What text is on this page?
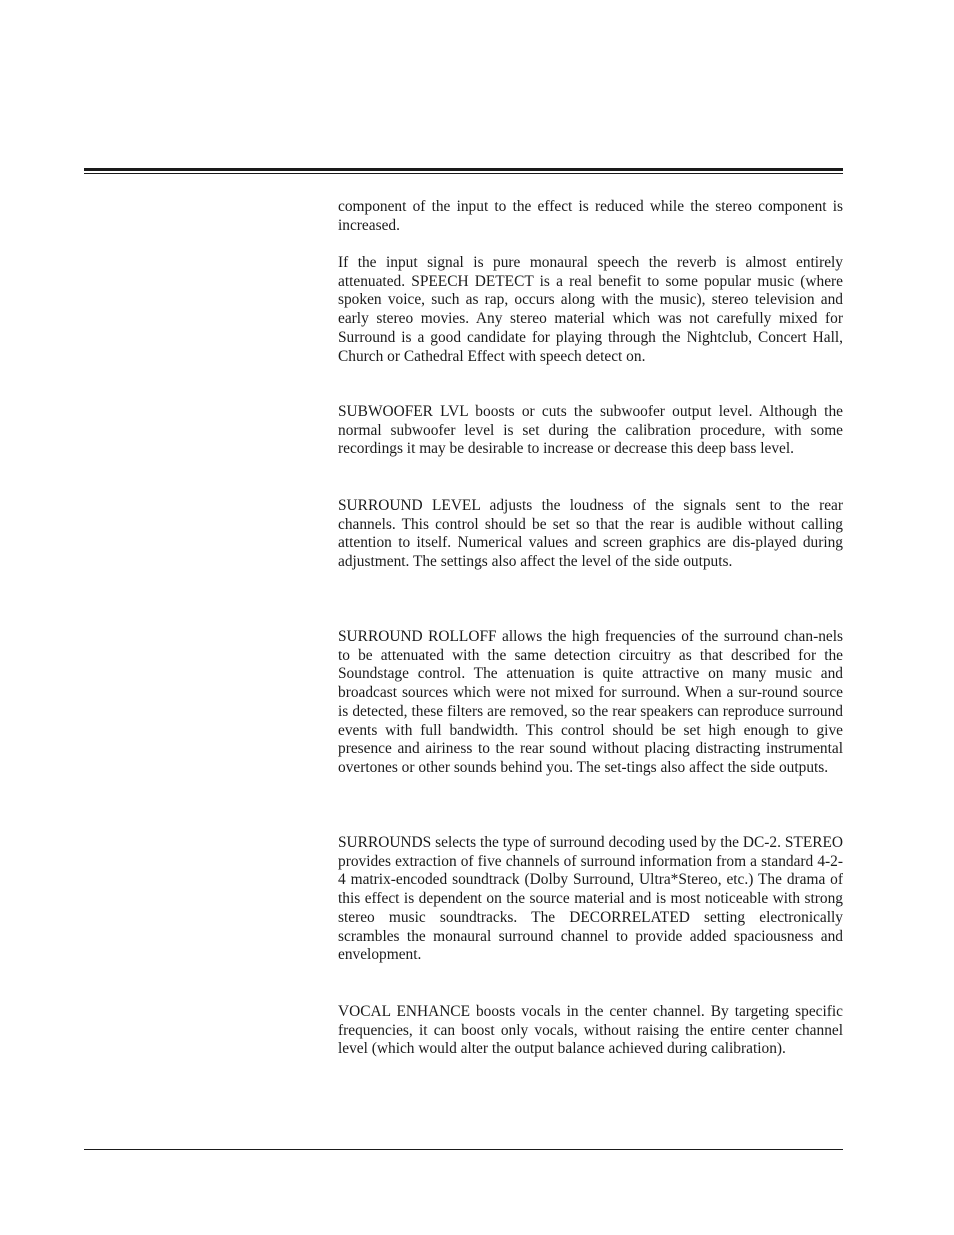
component of the input to the effect is reduced while the stereo component is increased.

If the input signal is pure monaural speech the reverb is almost entirely attenuated. SPEECH DETECT is a real benefit to some popular music (where spoken voice, such as rap, occurs along with the music), stereo television and early stereo movies. Any stereo material which was not carefully mixed for Surround is a good candidate for playing through the Nightclub, Concert Hall, Church or Cathedral Effect with speech detect on.

SUBWOOFER LVL boosts or cuts the subwoofer output level. Although the normal subwoofer level is set during the calibration procedure, with some recordings it may be desirable to increase or decrease this deep bass level.

SURROUND LEVEL adjusts the loudness of the signals sent to the rear channels. This control should be set so that the rear is audible without calling attention to itself. Numerical values and screen graphics are dis-played during adjustment. The settings also affect the level of the side outputs.

SURROUND ROLLOFF allows the high frequencies of the surround chan-nels to be attenuated with the same detection circuitry as that described for the Soundstage control. The attenuation is quite attractive on many music and broadcast sources which were not mixed for surround. When a sur-round source is detected, these filters are removed, so the rear speakers can reproduce surround events with full bandwidth. This control should be set high enough to give presence and airiness to the rear sound without placing distracting instrumental overtones or other sounds behind you. The set-tings also affect the side outputs.

SURROUNDS selects the type of surround decoding used by the DC-2. STEREO provides extraction of five channels of surround information from a standard 4-2-4 matrix-encoded soundtrack (Dolby Surround, Ultra*Stereo, etc.) The drama of this effect is dependent on the source material and is most noticeable with strong stereo music soundtracks. The DECORRELATED setting electronically scrambles the monaural surround channel to provide added spaciousness and envelopment.

VOCAL ENHANCE boosts vocals in the center channel. By targeting specific frequencies, it can boost only vocals, without raising the entire center channel level (which would alter the output balance achieved during calibration).
